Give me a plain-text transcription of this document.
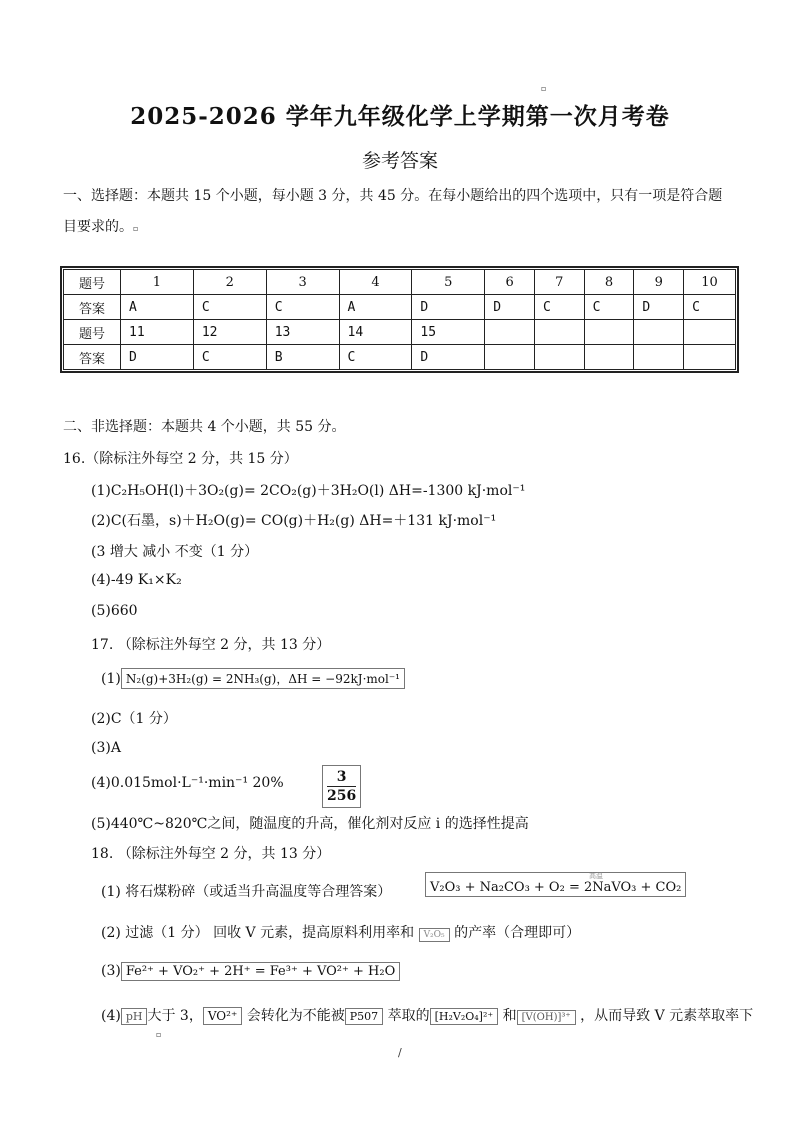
▫
2025-2026 学年九年级化学上学期第一次月考卷
参考答案
一、选择题：本题共 15 个小题，每小题 3 分，共 45 分。在每小题给出的四个选项中，只有一项是符合题
目要求的。▫
题号	1	2	3	4	5	6	7	8	9	10
答案	A	C	C	A	D	D	C	C	D	C
题号	11	12	13	14	15					
答案	D	C	B	C	D					
二、非选择题：本题共 4 个小题，共 55 分。
16.（除标注外每空 2 分，共 15 分）
(1)C₂H₅OH(l)＋3O₂(g)= 2CO₂(g)＋3H₂O(l) ΔH=-1300 kJ·mol⁻¹
(2)C(石墨，s)＋H₂O(g)= CO(g)＋H₂(g) ΔH=＋131 kJ·mol⁻¹
(3 增大 减小 不变（1 分）
(4)-49 K₁×K₂
(5)660
17. （除标注外每空 2 分，共 13 分）
(1) N₂(g)+3H₂(g) = 2NH₃(g)，ΔH = −92kJ·mol⁻¹
(2)C（1 分）
(3)A
(4)0.015mol·L⁻¹·min⁻¹ 20%	$\frac{3}{256}$
(5)440℃~820℃之间，随温度的升高，催化剂对反应 i 的选择性提高
18. （除标注外每空 2 分，共 13 分）
(1) 将石煤粉碎（或适当升高温度等合理答案）
高温
V₂O₃ + Na₂CO₃ + O₂ = 2NaVO₃ + CO₂
(2) 过滤（1 分） 回收 V 元素，提高原料利用率和 V₂O₅ 的产率（合理即可）
(3) Fe²⁺ + VO₂⁺ + 2H⁺ = Fe³⁺ + VO²⁺ + H₂O
(4) pH 大于 3， VO²⁺ 会转化为不能被 P507 萃取的 [H₂V₂O₄]²⁺ 和 [V(OH)]³⁺ ，从而导致 V 元素萃取率下
▫
/
